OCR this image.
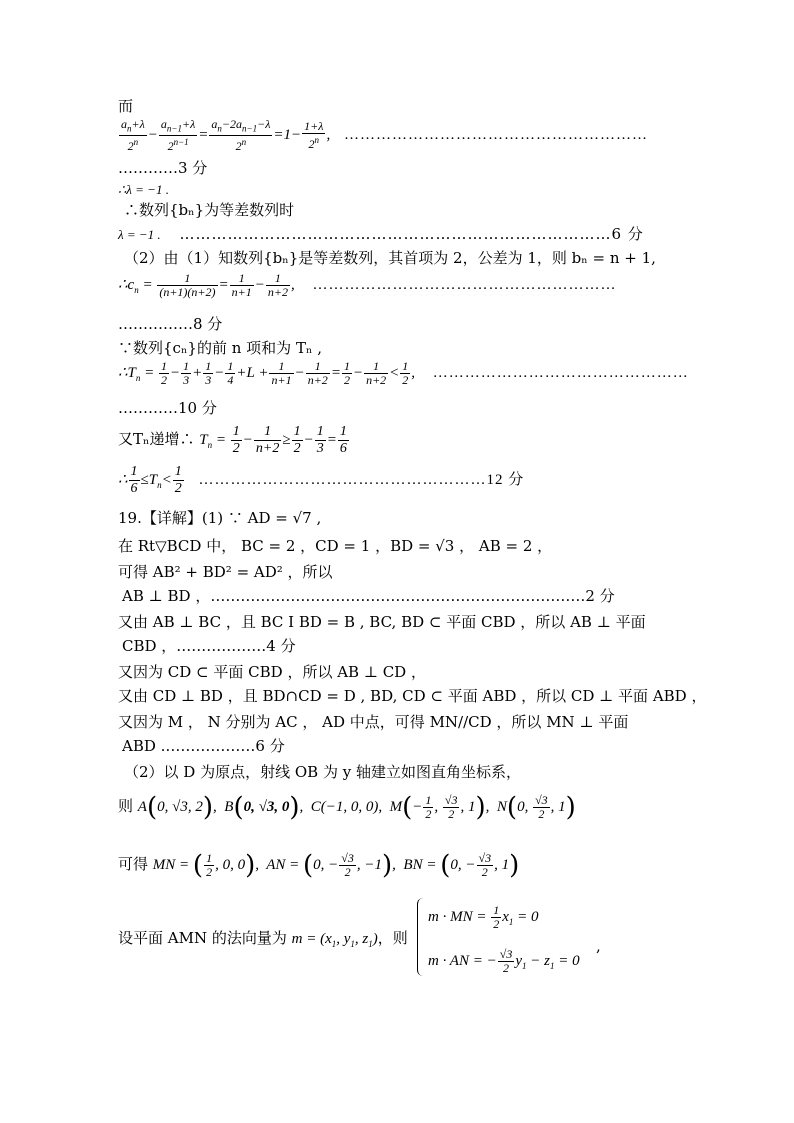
而
$\frac{a_n+\lambda}{2^n} - \frac{a_{n-1}+\lambda}{2^{n-1}} = \frac{a_n-2a_{n-1}-\lambda}{2^n} =1- \frac{1+\lambda}{2^n}$ , …………………………………………………
…………3 分
∴λ = −1 .
∴数列{bₙ}为等差数列时
λ = −1 . ………………………………………………………………………6 分
（2）由（1）知数列{bₙ}是等差数列，其首项为 2，公差为 1，则 bₙ = n + 1,
$\therefore c_n = \frac{1}{(n+1)(n+2)} = \frac{1}{n+1} - \frac{1}{n+2}$ , …………………………………………………
……………8 分
∵数列{cₙ}的前 n 项和为 Tₙ ,
$\therefore T_n = \frac{1}{2} - \frac{1}{3} + \frac{1}{3} - \frac{1}{4} +L + \frac{1}{n+1} - \frac{1}{n+2} = \frac{1}{2} - \frac{1}{n+2} < \frac{1}{2}$ , …………………………………………
…………10 分
又Tₙ递增∴ $T_n = \frac{1}{2} - \frac{1}{n+2} \ge \frac{1}{2} - \frac{1}{3} = \frac{1}{6}$
∴ $\frac{1}{6} \le T_n< \frac{1}{2}$ ………………………………………………12 分
19.【详解】(1) ∵ AD = √7 ,
在 Rt▽BCD 中， BC = 2 ，CD = 1 ，BD = √3 ， AB = 2 ，
可得 AB² + BD² = AD² ，所以
AB ⊥ BD ，…………………………………………………………………2 分
又由 AB ⊥ BC ，且 BC I BD = B , BC, BD ⊂ 平面 CBD ，所以 AB ⊥ 平面
CBD ，………………4 分
又因为 CD ⊂ 平面 CBD ，所以 AB ⊥ CD ，
又由 CD ⊥ BD ，且 BD∩CD = D , BD, CD ⊂ 平面 ABD ，所以 CD ⊥ 平面 ABD ，
又因为 M ， N 分别为 AC ， AD 中点，可得 MN//CD ，所以 MN ⊥ 平面
ABD .………………6 分
（2）以 D 为原点，射线 OB 为 y 轴建立如图直角坐标系，
则 A(0, √3, 2),  B(0, √3, 0),  C(−1, 0, 0),  $M(- \frac{1}{2}$ , $\frac{√3}{2}$ , 1),  N(0, $\frac{√3}{2}$ , 1)
可得 MN = ( $\frac{1}{2}$ , 0, 0),  AN = (0, − $\frac{√3}{2}$ , −1),  BN = (0, − $\frac{√3}{2}$ , 1)
设平面 AMN 的法向量为 $m = (x_1$, $y_1$, $z_1$)，则
m · MN = $\frac{1}{2} x_1 = 0$
m · AN = − $\frac{√3}{2} y_1 - z_1 = 0$
,
